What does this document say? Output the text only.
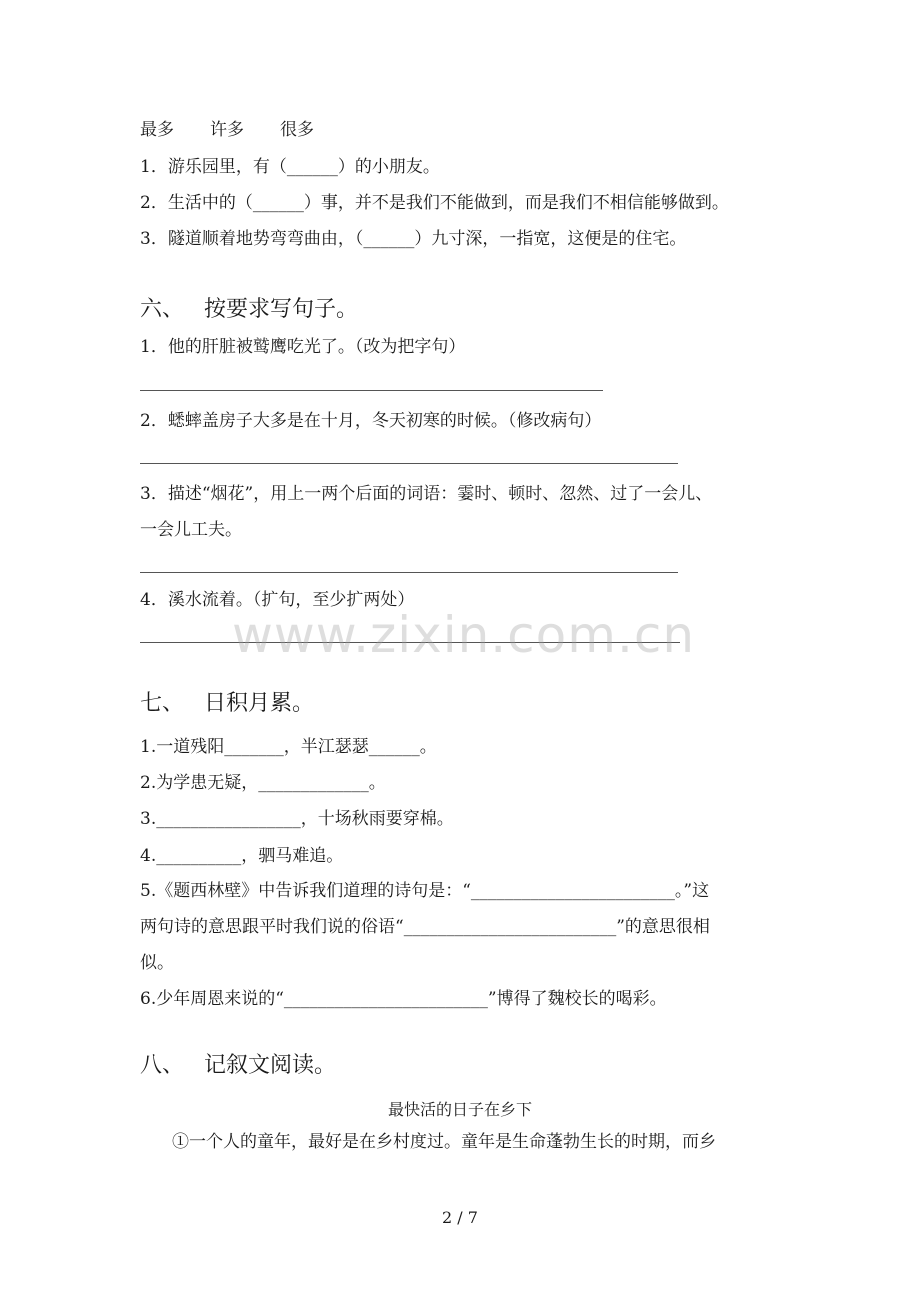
最多 许多 很多
1．游乐园里，有（______）的小朋友。
2．生活中的（______）事，并不是我们不能做到，而是我们不相信能够做到。
3．隧道顺着地势弯弯曲由，（______）九寸深，一指宽，这便是的住宅。
六、 按要求写句子。
1．他的肝脏被鹫鹰吃光了。（改为把字句）
2．蟋蟀盖房子大多是在十月，冬天初寒的时候。（修改病句）
3．描述“烟花”，用上一两个后面的词语：霎时、顿时、忽然、过了一会儿、
一会儿工夫。
4．溪水流着。（扩句，至少扩两处）
www.zixin.com.cn
七、 日积月累。
1.一道残阳_______，半江瑟瑟______。
2.为学患无疑，_____________。
3._________________，十场秋雨要穿棉。
4.__________，驷马难追。
5.《题西林壁》中告诉我们道理的诗句是：“________________________。”这
两句诗的意思跟平时我们说的俗语“_________________________”的意思很相
似。
6.少年周恩来说的“________________________”博得了魏校长的喝彩。
八、 记叙文阅读。
最快活的日子在乡下
①一个人的童年，最好是在乡村度过。童年是生命蓬勃生长的时期，而乡
2 / 7
